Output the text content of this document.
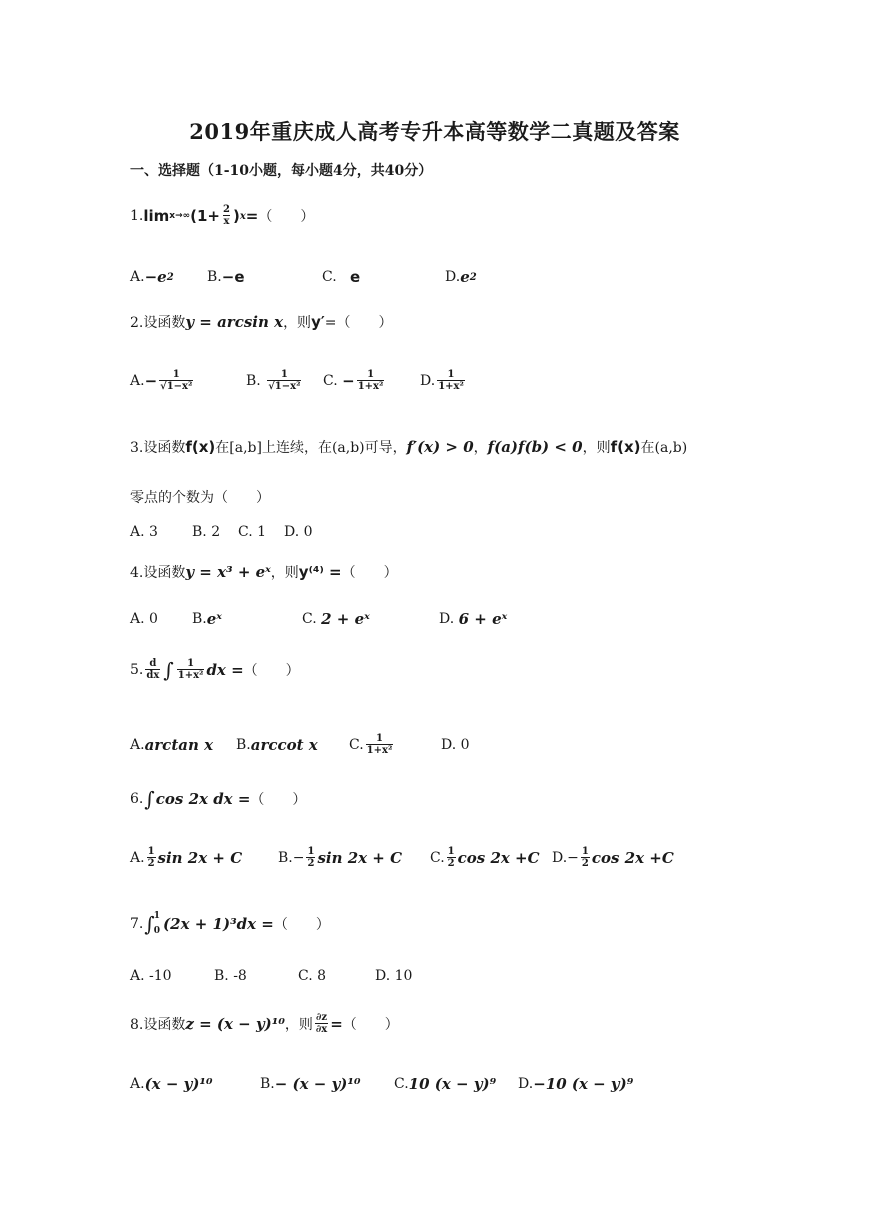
2019年重庆成人高考专升本高等数学二真题及答案
一、选择题（1-10小题，每小题4分，共40分）
1. lim x→∞ ($1+ \frac{2}{x}$ ) x = （　　）
A. −e 2 B. −e	C.
e	D. e 2
2.设函数 y = arcsin x ，则 y′ =（　　）
A. − $\frac{1}{\text{√1−x²}}$	B.
$\frac{1}{\text{√1−x²}} C$.
− $\frac{1}{\text{1+x²}}$	D. $\frac{1}{\text{1+x²}}$
3.设函数 f(x) 在[a,b]上连续，在(a,b)可导， f′(x) > 0 ， f(a)f(b) < 0 ，则 f(x) 在(a,b)
零点的个数为（　　）
A. 3 B. 2 C. 1 D. 0
4.设函数 y = x³ + eˣ ，则 y⁽⁴⁾ = （　　）
A. 0 B. eˣ	C.
2 + eˣ	D.
6 + eˣ
5. $\frac{d}{dx}$ ∫ $\frac{1}{\text{1+x²}}$ dx = （　　）
A. arctan x B. arccot x C. $\frac{1}{\text{1+x²}}$	D. 0
6. ∫ cos 2x dx = （　　）
A. $\frac{1}{2}$ sin 2x + C	$B.- \frac{1}{2}$ sin 2x + C C. $\frac{1}{2}$ cos 2x +C $D.- \frac{1}{2}$ cos 2x +C
7. ∫ 1
0 (2x + 1)³dx = （　　）
A. -10	B. -8	C. 8	D. 10
8.设函数 z = (x − y)¹⁰ ，则 $\frac{\partial z}{\partial x}$ = （　　）
A. (x − y)¹⁰	B. − (x − y)¹⁰ C. 10 (x − y)⁹ D. −10 (x − y)⁹
